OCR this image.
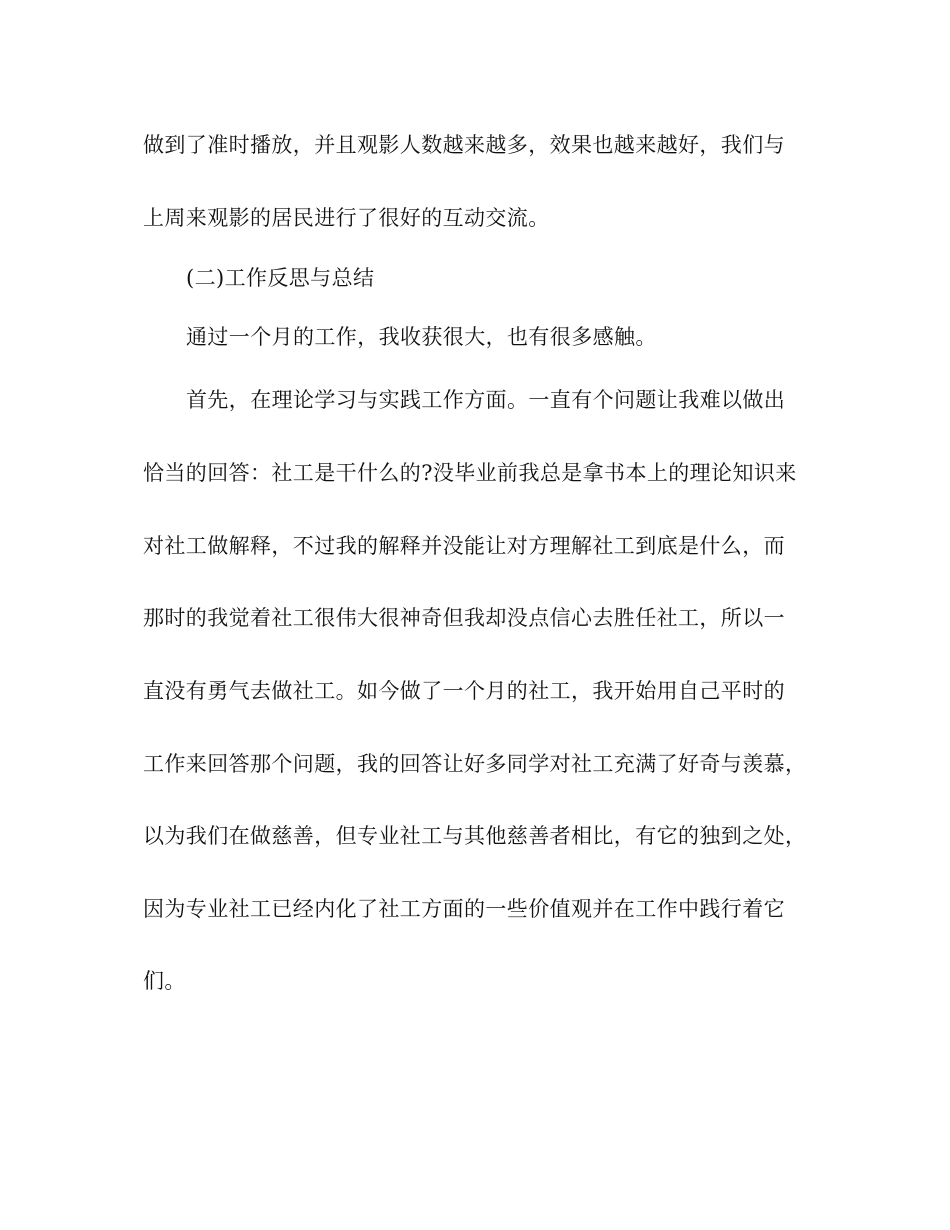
做到了准时播放，并且观影人数越来越多，效果也越来越好，我们与
上周来观影的居民进行了很好的互动交流。
(二)工作反思与总结
通过一个月的工作，我收获很大，也有很多感触。
首先，在理论学习与实践工作方面。一直有个问题让我难以做出
恰当的回答：社工是干什么的?没毕业前我总是拿书本上的理论知识来
对社工做解释，不过我的解释并没能让对方理解社工到底是什么，而
那时的我觉着社工很伟大很神奇但我却没点信心去胜任社工，所以一
直没有勇气去做社工。如今做了一个月的社工，我开始用自己平时的
工作来回答那个问题，我的回答让好多同学对社工充满了好奇与羡慕，
以为我们在做慈善，但专业社工与其他慈善者相比，有它的独到之处，
因为专业社工已经内化了社工方面的一些价值观并在工作中践行着它
们。
